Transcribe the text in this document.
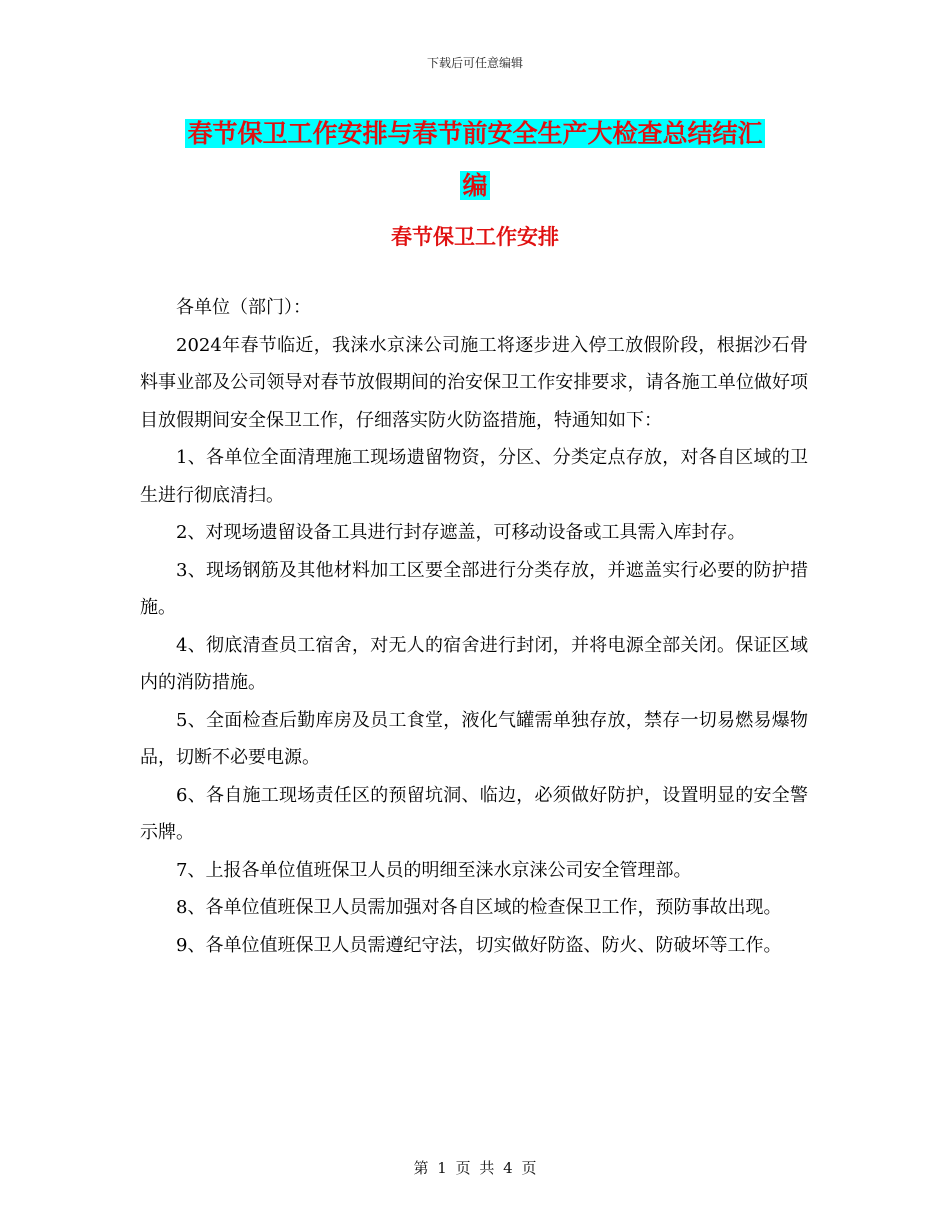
下载后可任意编辑
春节保卫工作安排与春节前安全生产大检查总结结汇
编
春节保卫工作安排

各单位（部门）：

2024年春节临近，我涞水京涞公司施工将逐步进入停工放假阶段，根据沙石骨料事业部及公司领导对春节放假期间的治安保卫工作安排要求，请各施工单位做好项目放假期间安全保卫工作，仔细落实防火防盗措施，特通知如下：

1、各单位全面清理施工现场遗留物资，分区、分类定点存放，对各自区域的卫生进行彻底清扫。

2、对现场遗留设备工具进行封存遮盖，可移动设备或工具需入库封存。

3、现场钢筋及其他材料加工区要全部进行分类存放，并遮盖实行必要的防护措施。

4、彻底清查员工宿舍，对无人的宿舍进行封闭，并将电源全部关闭。保证区域内的消防措施。

5、全面检查后勤库房及员工食堂，液化气罐需单独存放，禁存一切易燃易爆物品，切断不必要电源。

6、各自施工现场责任区的预留坑洞、临边，必须做好防护，设置明显的安全警示牌。

7、上报各单位值班保卫人员的明细至涞水京涞公司安全管理部。

8、各单位值班保卫人员需加强对各自区域的检查保卫工作，预防事故出现。

9、各单位值班保卫人员需遵纪守法，切实做好防盗、防火、防破坏等工作。

第 1 页 共 4 页
